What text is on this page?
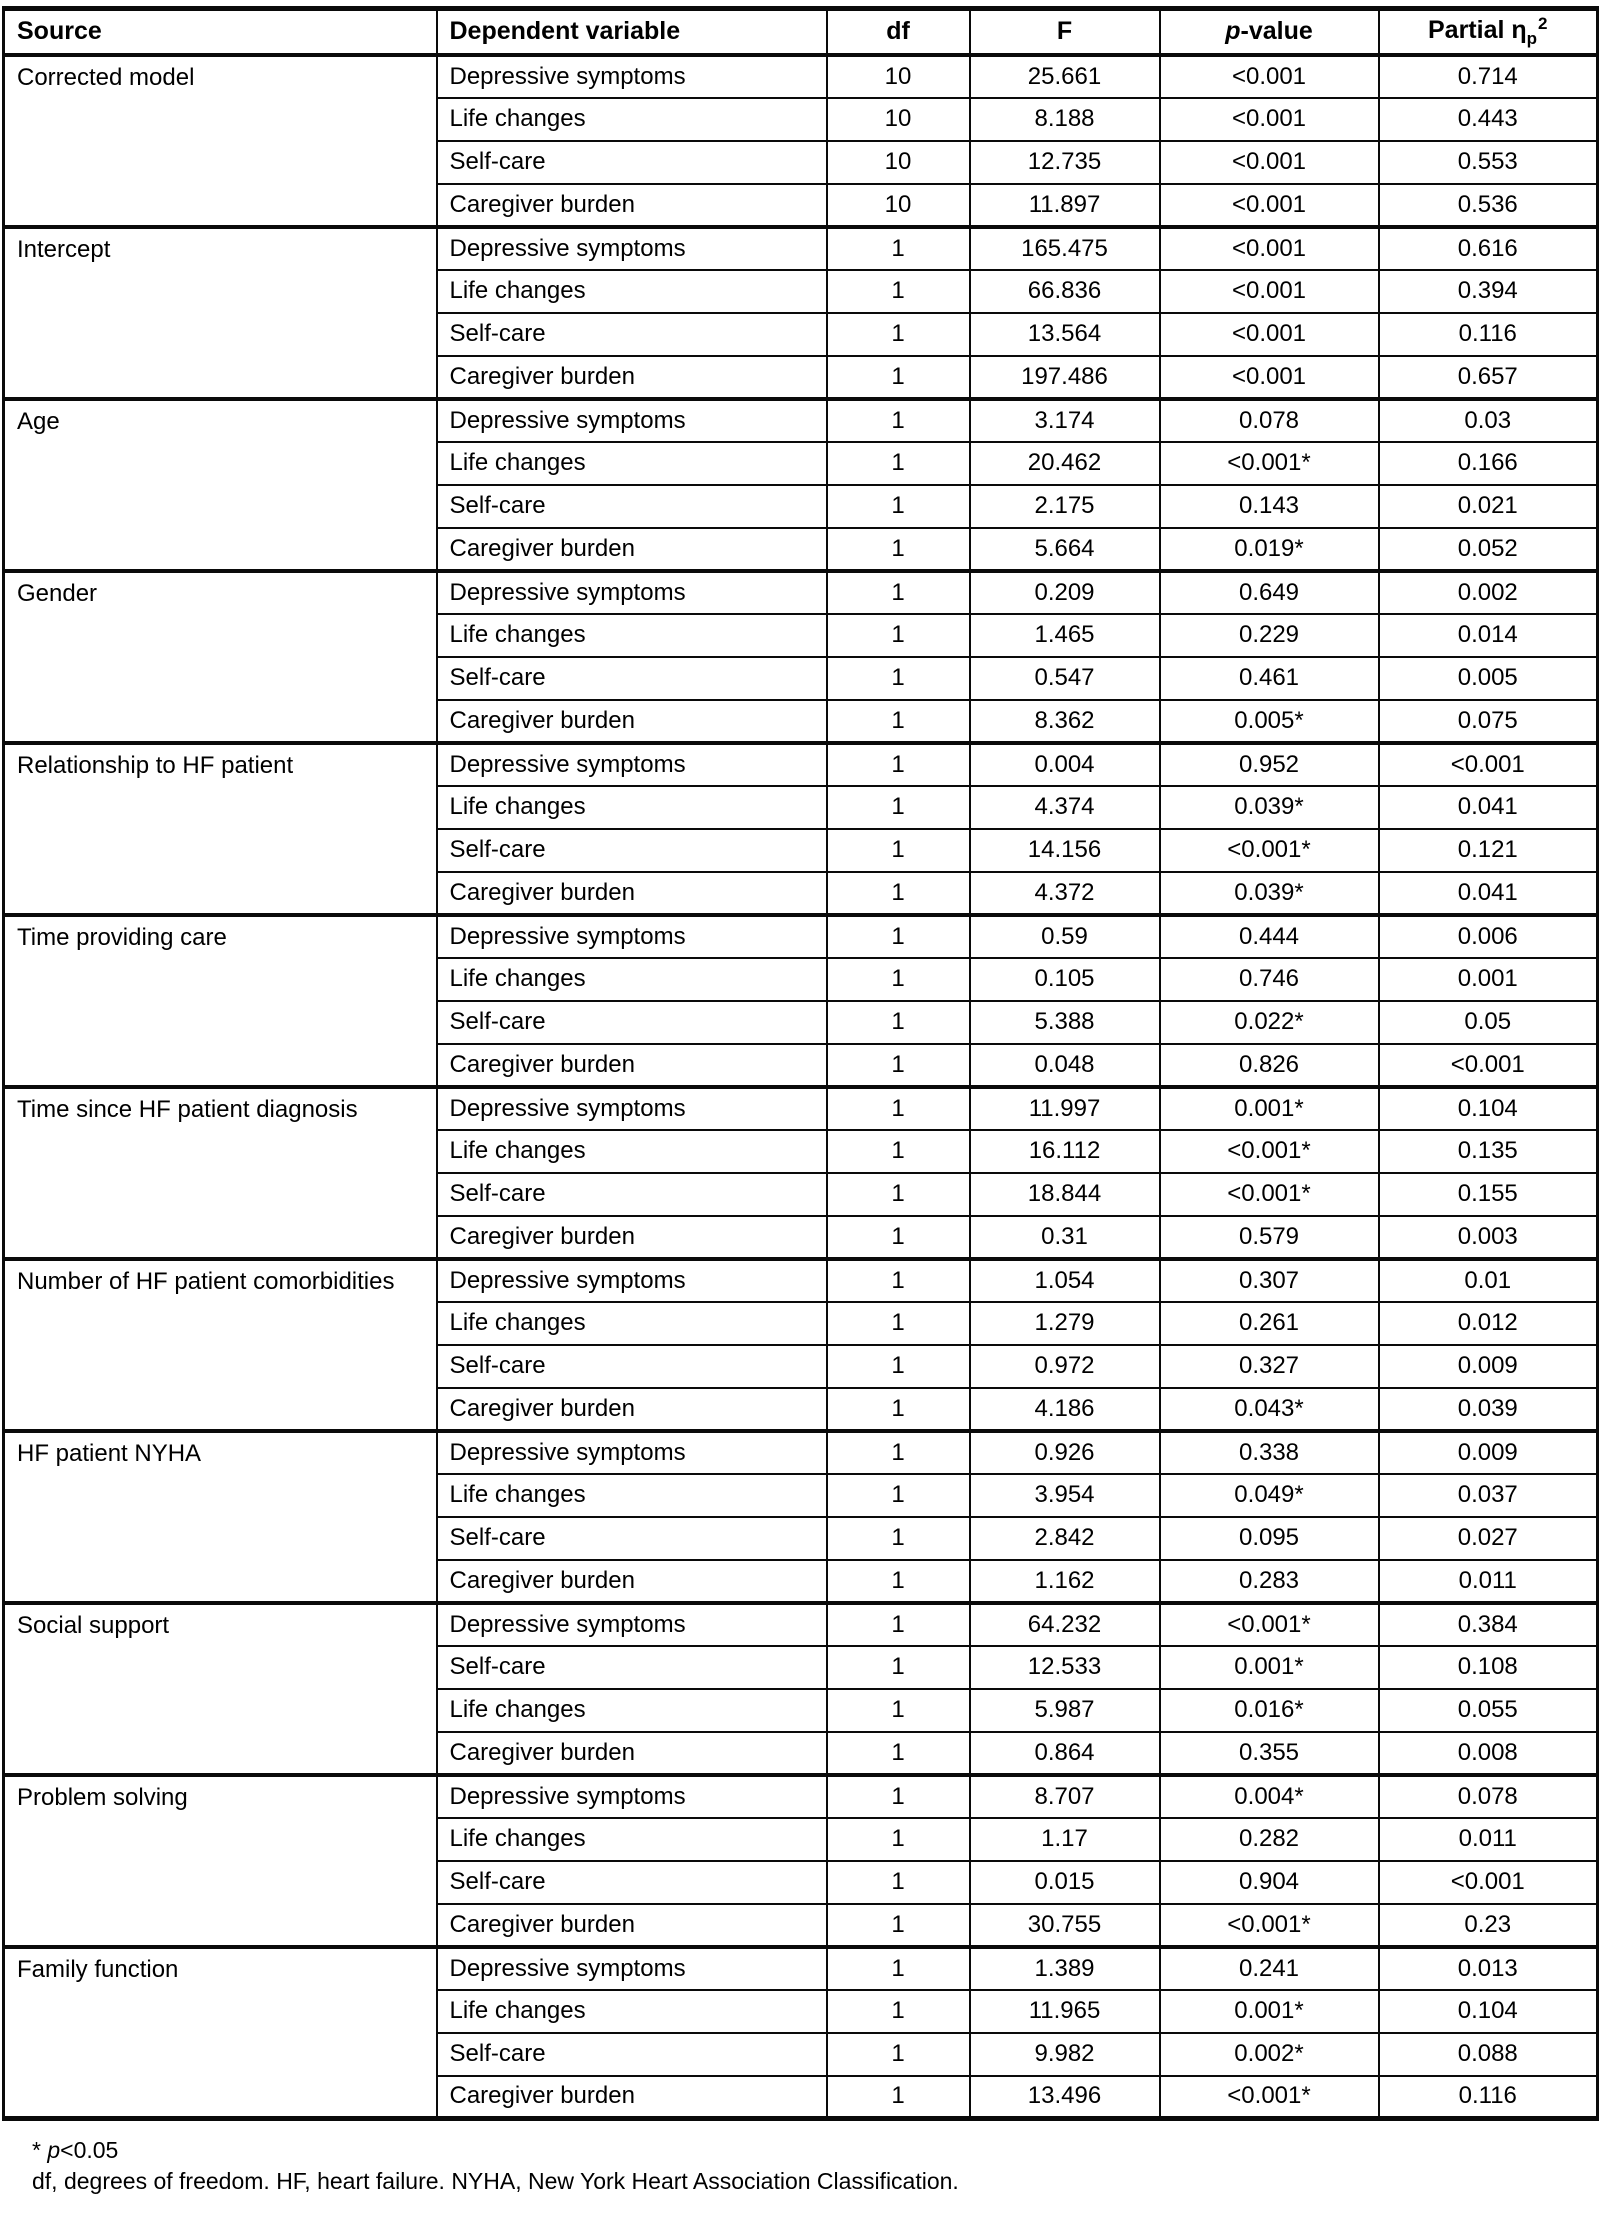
Source	Dependent variable	df	F	p-value	Partial $\eta_p^2$
Corrected model	Depressive symptoms	10	25.661	<0.001	0.714
	Life changes	10	8.188	<0.001	0.443
	Self-care	10	12.735	<0.001	0.553
	Caregiver burden	10	11.897	<0.001	0.536
Intercept	Depressive symptoms	1	165.475	<0.001	0.616
	Life changes	1	66.836	<0.001	0.394
	Self-care	1	13.564	<0.001	0.116
	Caregiver burden	1	197.486	<0.001	0.657
Age	Depressive symptoms	1	3.174	0.078	0.03
	Life changes	1	20.462	<0.001*	0.166
	Self-care	1	2.175	0.143	0.021
	Caregiver burden	1	5.664	0.019*	0.052
Gender	Depressive symptoms	1	0.209	0.649	0.002
	Life changes	1	1.465	0.229	0.014
	Self-care	1	0.547	0.461	0.005
	Caregiver burden	1	8.362	0.005*	0.075
Relationship to HF patient	Depressive symptoms	1	0.004	0.952	<0.001
	Life changes	1	4.374	0.039*	0.041
	Self-care	1	14.156	<0.001*	0.121
	Caregiver burden	1	4.372	0.039*	0.041
Time providing care	Depressive symptoms	1	0.59	0.444	0.006
	Life changes	1	0.105	0.746	0.001
	Self-care	1	5.388	0.022*	0.05
	Caregiver burden	1	0.048	0.826	<0.001
Time since HF patient diagnosis	Depressive symptoms	1	11.997	0.001*	0.104
	Life changes	1	16.112	<0.001*	0.135
	Self-care	1	18.844	<0.001*	0.155
	Caregiver burden	1	0.31	0.579	0.003
Number of HF patient comorbidities	Depressive symptoms	1	1.054	0.307	0.01
	Life changes	1	1.279	0.261	0.012
	Self-care	1	0.972	0.327	0.009
	Caregiver burden	1	4.186	0.043*	0.039
HF patient NYHA	Depressive symptoms	1	0.926	0.338	0.009
	Life changes	1	3.954	0.049*	0.037
	Self-care	1	2.842	0.095	0.027
	Caregiver burden	1	1.162	0.283	0.011
Social support	Depressive symptoms	1	64.232	<0.001*	0.384
	Self-care	1	12.533	0.001*	0.108
	Life changes	1	5.987	0.016*	0.055
	Caregiver burden	1	0.864	0.355	0.008
Problem solving	Depressive symptoms	1	8.707	0.004*	0.078
	Life changes	1	1.17	0.282	0.011
	Self-care	1	0.015	0.904	<0.001
	Caregiver burden	1	30.755	<0.001*	0.23
Family function	Depressive symptoms	1	1.389	0.241	0.013
	Life changes	1	11.965	0.001*	0.104
	Self-care	1	9.982	0.002*	0.088
	Caregiver burden	1	13.496	<0.001*	0.116
* p<0.05
df, degrees of freedom. HF, heart failure. NYHA, New York Heart Association Classification.
